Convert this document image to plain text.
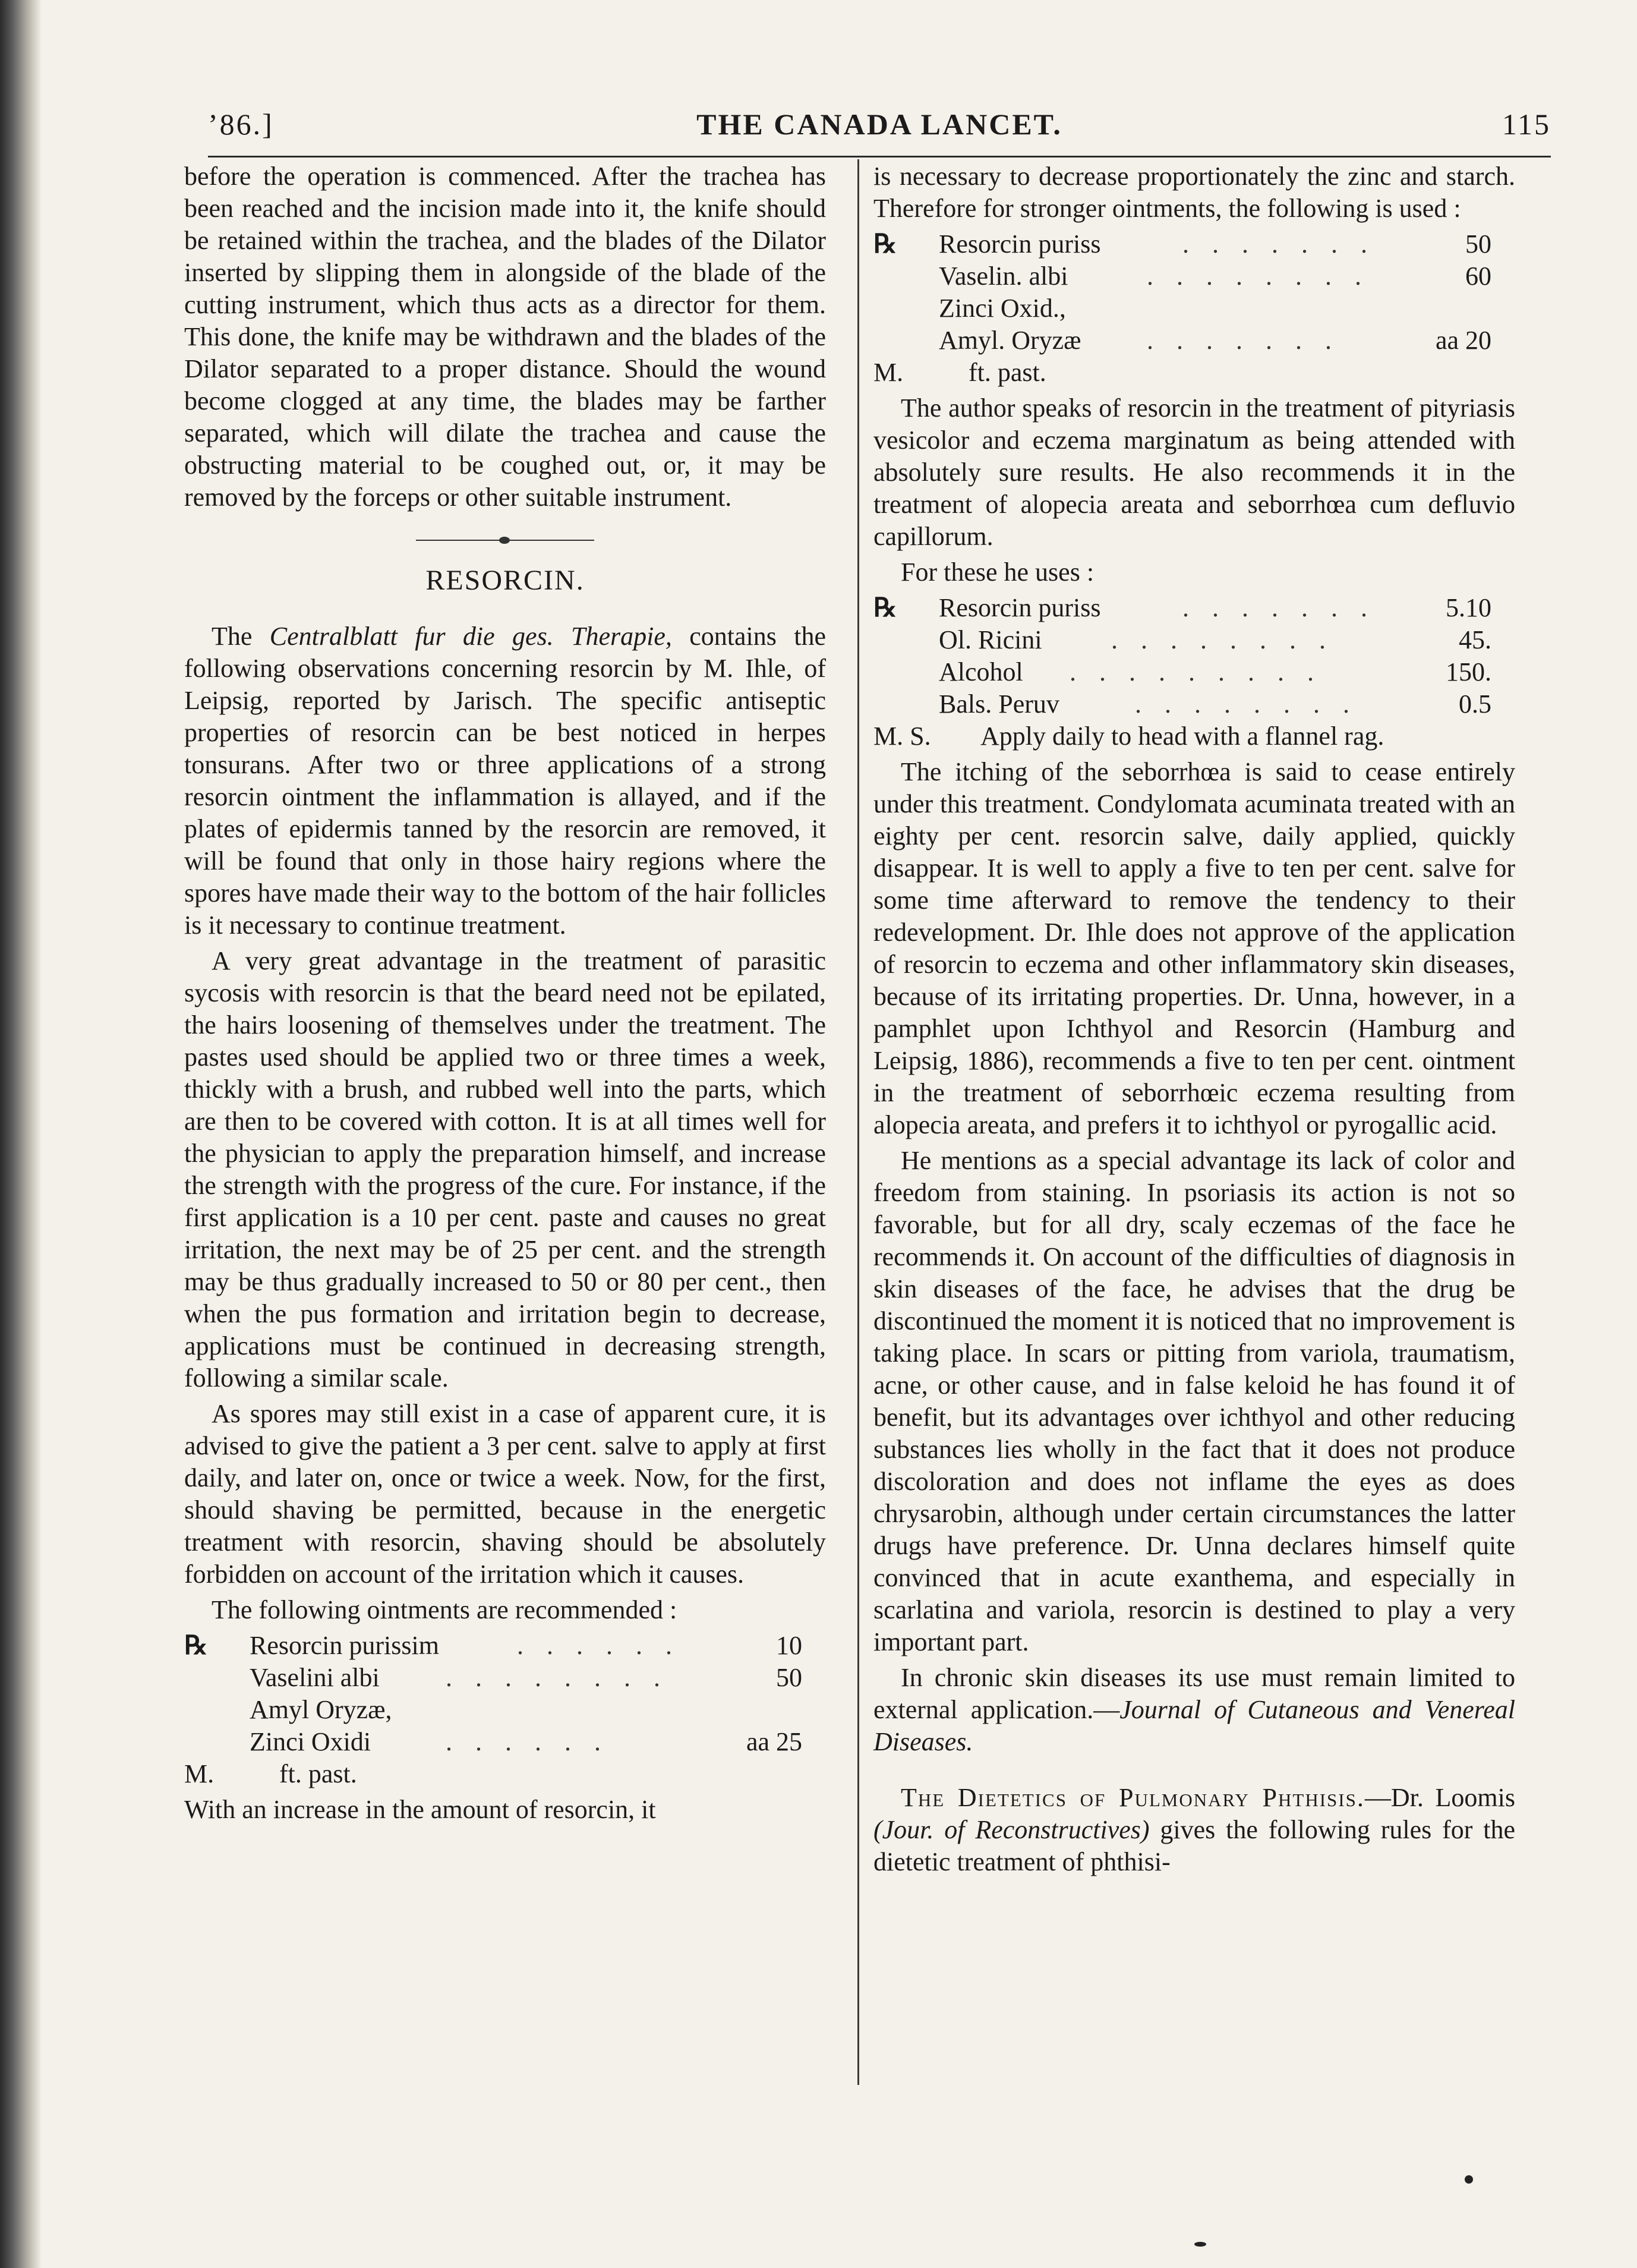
’86.]	THE CANADA LANCET.	115

before the operation is commenced. After the trachea has been reached and the incision made into it, the knife should be retained within the trachea, and the blades of the Dilator inserted by slipping them in alongside of the blade of the cutting instrument, which thus acts as a director for them. This done, the knife may be withdrawn and the blades of the Dilator separated to a proper distance. Should the wound become clogged at any time, the blades may be farther separated, which will dilate the trachea and cause the obstructing material to be coughed out, or, it may be removed by the forceps or other suitable instrument.

RESORCIN.

The Centralblatt fur die ges. Therapie, contains the following observations concerning resorcin by M. Ihle, of Leipsig, reported by Jarisch. The specific antiseptic properties of resorcin can be best noticed in herpes tonsurans. After two or three applications of a strong resorcin ointment the inflammation is allayed, and if the plates of epidermis tanned by the resorcin are removed, it will be found that only in those hairy regions where the spores have made their way to the bottom of the hair follicles is it necessary to continue treatment.

A very great advantage in the treatment of parasitic sycosis with resorcin is that the beard need not be epilated, the hairs loosening of themselves under the treatment. The pastes used should be applied two or three times a week, thickly with a brush, and rubbed well into the parts, which are then to be covered with cotton. It is at all times well for the physician to apply the preparation himself, and increase the strength with the progress of the cure. For instance, if the first application is a 10 per cent. paste and causes no great irritation, the next may be of 25 per cent. and the strength may be thus gradually increased to 50 or 80 per cent., then when the pus formation and irritation begin to decrease, applications must be continued in decreasing strength, following a similar scale.

As spores may still exist in a case of apparent cure, it is advised to give the patient a 3 per cent. salve to apply at first daily, and later on, once or twice a week. Now, for the first, should shaving be permitted, because in the energetic treatment with resorcin, shaving should be absolutely forbidden on account of the irritation which it causes.

The following ointments are recommended :

℞ Resorcin purissim	. . . . . .	10
Vaselini albi	. . . . . . . .	50
Amyl Oryzæ,
Zinci Oxidi	. . . . . .	aa 25
M. ft. past.

With an increase in the amount of resorcin, it

is necessary to decrease proportionately the zinc and starch. Therefore for stronger ointments, the following is used :

℞ Resorcin puriss	. . . . . . .	50
Vaselin. albi	. . . . . . . .	60
Zinci Oxid.,
Amyl. Oryzæ	. . . . . . .	aa 20
M. ft. past.

The author speaks of resorcin in the treatment of pityriasis vesicolor and eczema marginatum as being attended with absolutely sure results. He also recommends it in the treatment of alopecia areata and seborrhœa cum defluvio capillorum.

For these he uses :

℞ Resorcin puriss	. . . . . . .	5.10
Ol. Ricini	. . . . . . . .	45.
Alcohol . . . . . . . . .	150.
Bals. Peruv	. . . . . . . .	0.5
M. S. Apply daily to head with a flannel rag.

The itching of the seborrhœa is said to cease entirely under this treatment. Condylomata acuminata treated with an eighty per cent. resorcin salve, daily applied, quickly disappear. It is well to apply a five to ten per cent. salve for some time afterward to remove the tendency to their redevelopment. Dr. Ihle does not approve of the application of resorcin to eczema and other inflammatory skin diseases, because of its irritating properties. Dr. Unna, however, in a pamphlet upon Ichthyol and Resorcin (Hamburg and Leipsig, 1886), recommends a five to ten per cent. ointment in the treatment of seborrhœic eczema resulting from alopecia areata, and prefers it to ichthyol or pyrogallic acid.

He mentions as a special advantage its lack of color and freedom from staining. In psoriasis its action is not so favorable, but for all dry, scaly eczemas of the face he recommends it. On account of the difficulties of diagnosis in skin diseases of the face, he advises that the drug be discontinued the moment it is noticed that no improvement is taking place. In scars or pitting from variola, traumatism, acne, or other cause, and in false keloid he has found it of benefit, but its advantages over ichthyol and other reducing substances lies wholly in the fact that it does not produce discoloration and does not inflame the eyes as does chrysarobin, although under certain circumstances the latter drugs have preference. Dr. Unna declares himself quite convinced that in acute exanthema, and especially in scarlatina and variola, resorcin is destined to play a very important part.

In chronic skin diseases its use must remain limited to external application.—Journal of Cutaneous and Venereal Diseases.

The Dietetics of Pulmonary Phthisis.—Dr. Loomis (Jour. of Reconstructives) gives the following rules for the dietetic treatment of phthisi-
